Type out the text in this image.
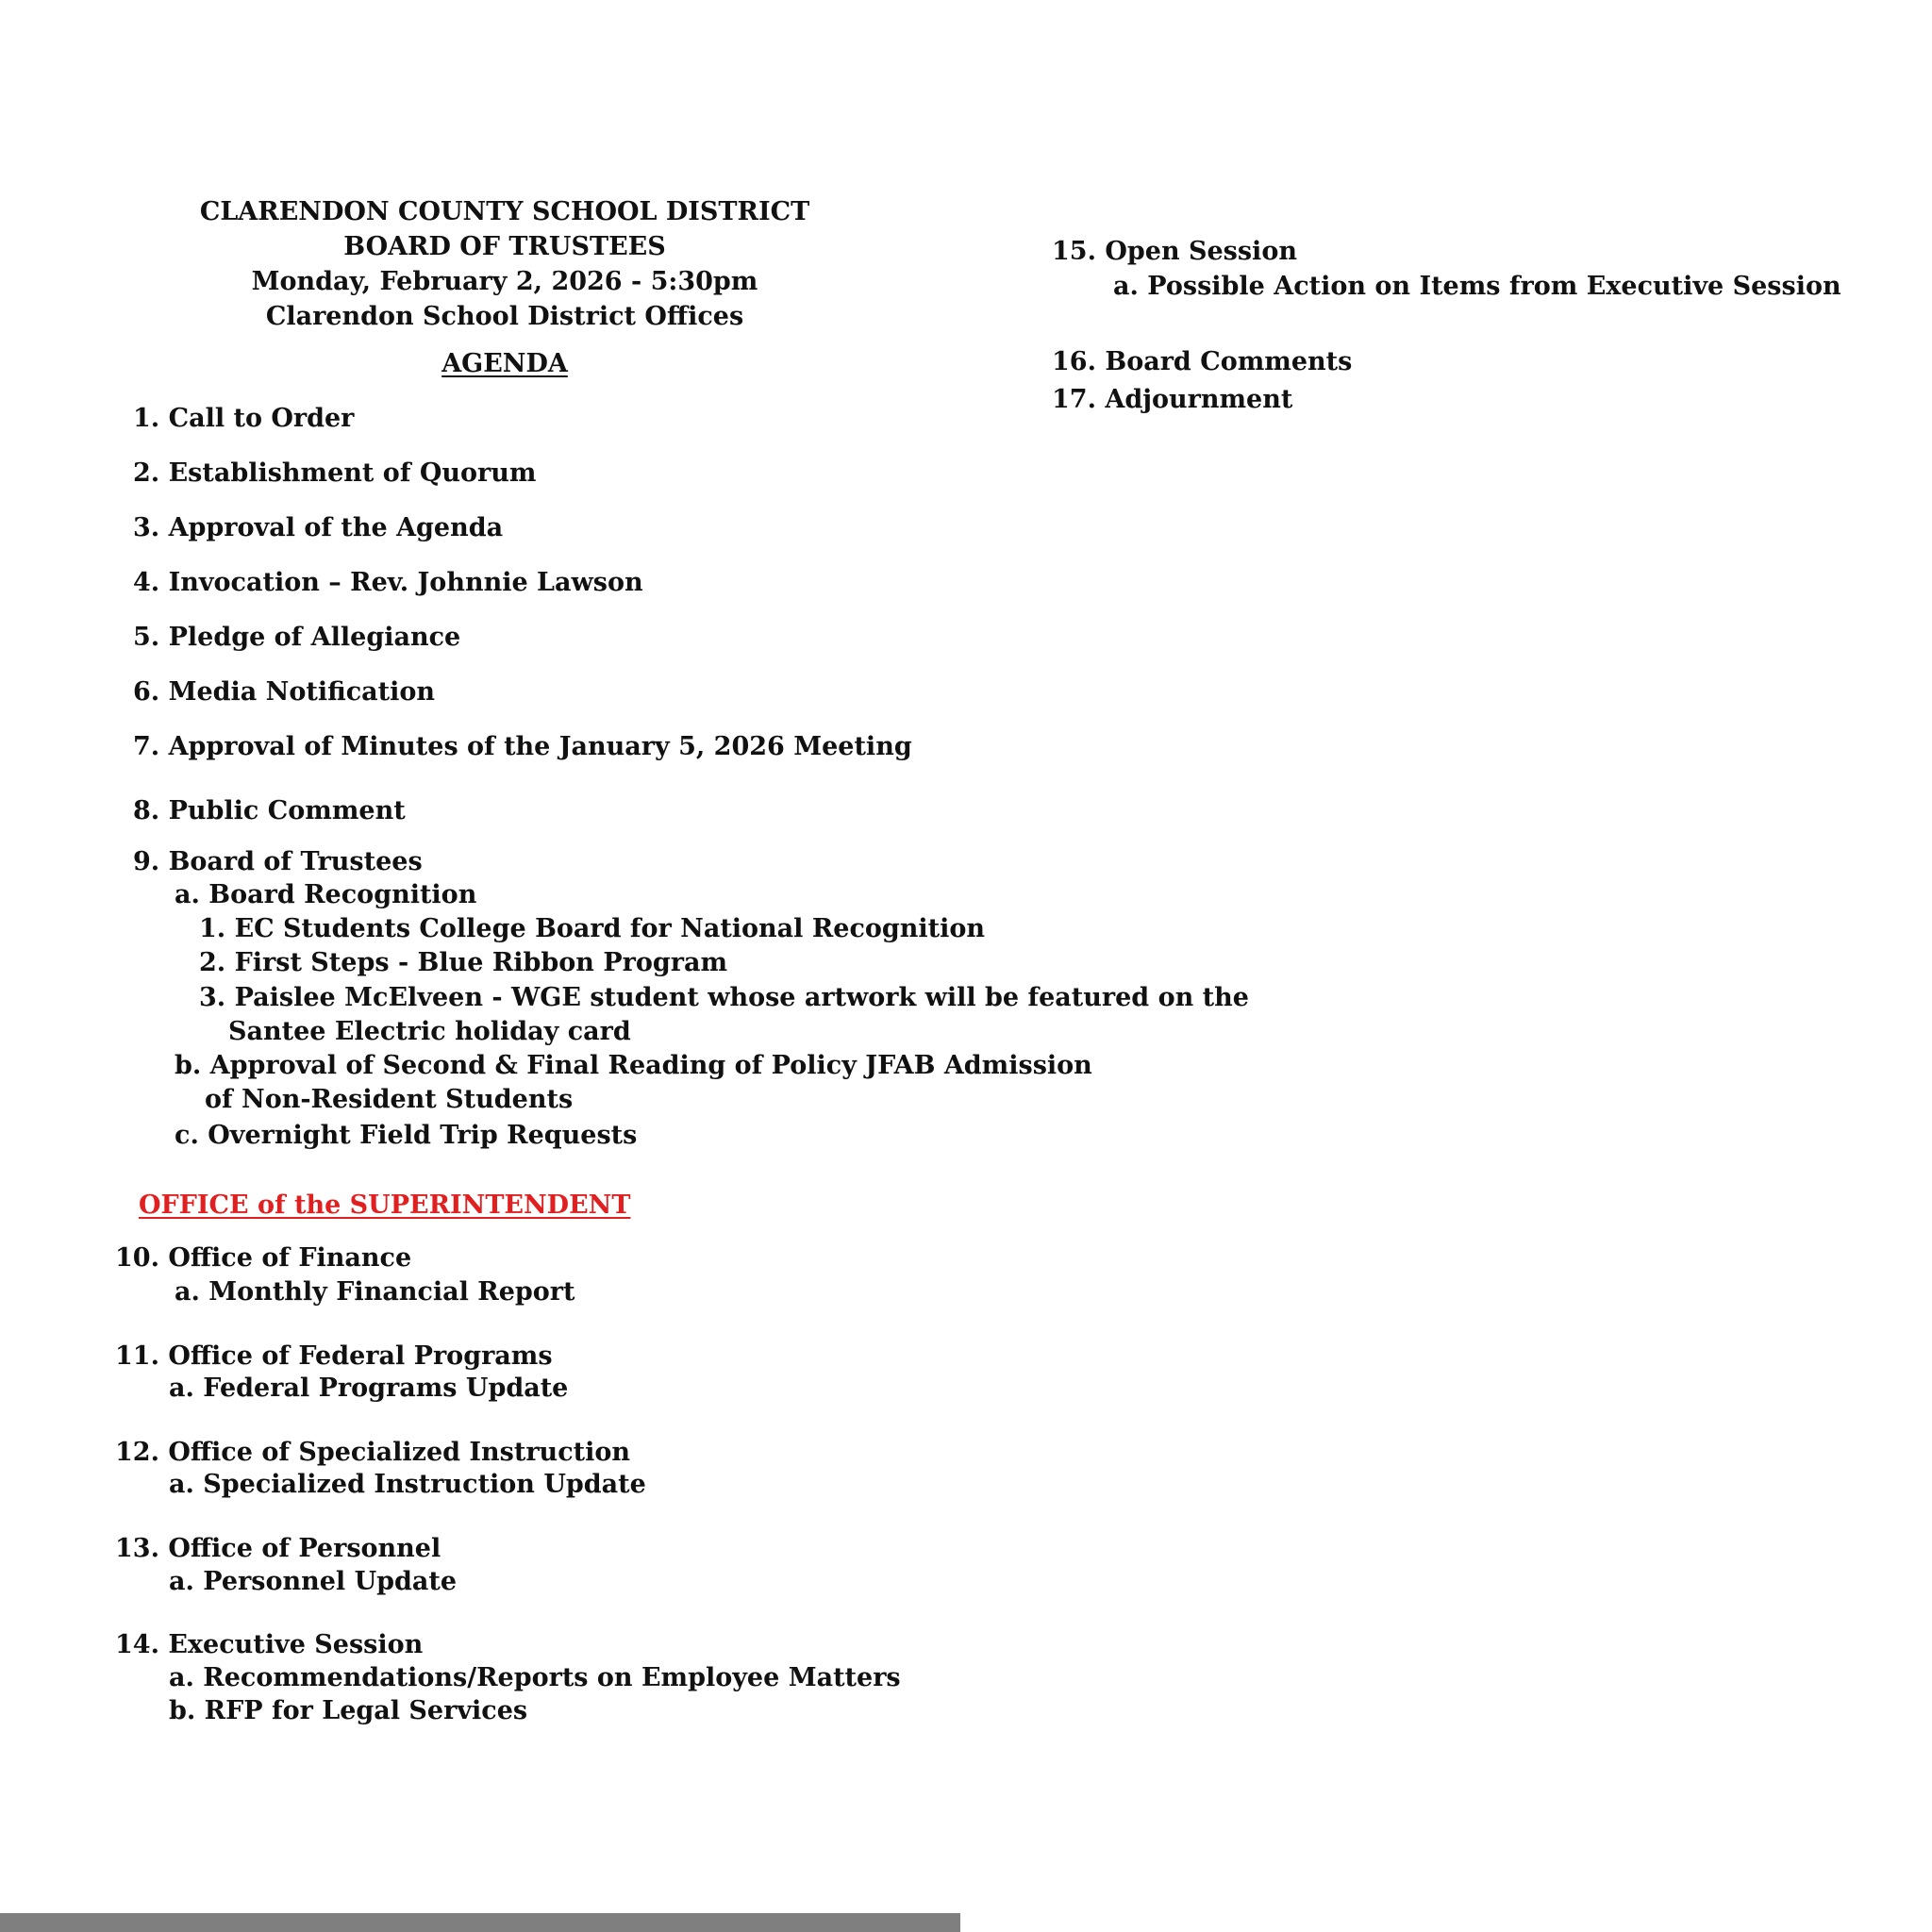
CLARENDON COUNTY SCHOOL DISTRICT
BOARD OF TRUSTEES
Monday, February 2, 2026 - 5:30pm
Clarendon School District Offices
AGENDA
1. Call to Order
2. Establishment of Quorum
3. Approval of the Agenda
4. Invocation – Rev. Johnnie Lawson
5. Pledge of Allegiance
6. Media Notification
7. Approval of Minutes of the January 5, 2026 Meeting
8. Public Comment
9. Board of Trustees
a. Board Recognition
1. EC Students College Board for National Recognition
2. First Steps - Blue Ribbon Program
3. Paislee McElveen - WGE student whose artwork will be featured on the
Santee Electric holiday card
b. Approval of Second & Final Reading of Policy JFAB Admission
of Non-Resident Students
c. Overnight Field Trip Requests
OFFICE of the SUPERINTENDENT
10. Office of Finance
a. Monthly Financial Report
11. Office of Federal Programs
a. Federal Programs Update
12. Office of Specialized Instruction
a. Specialized Instruction Update
13. Office of Personnel
a. Personnel Update
14. Executive Session
a. Recommendations/Reports on Employee Matters
b. RFP for Legal Services
15. Open Session
a. Possible Action on Items from Executive Session
16. Board Comments
17. Adjournment
